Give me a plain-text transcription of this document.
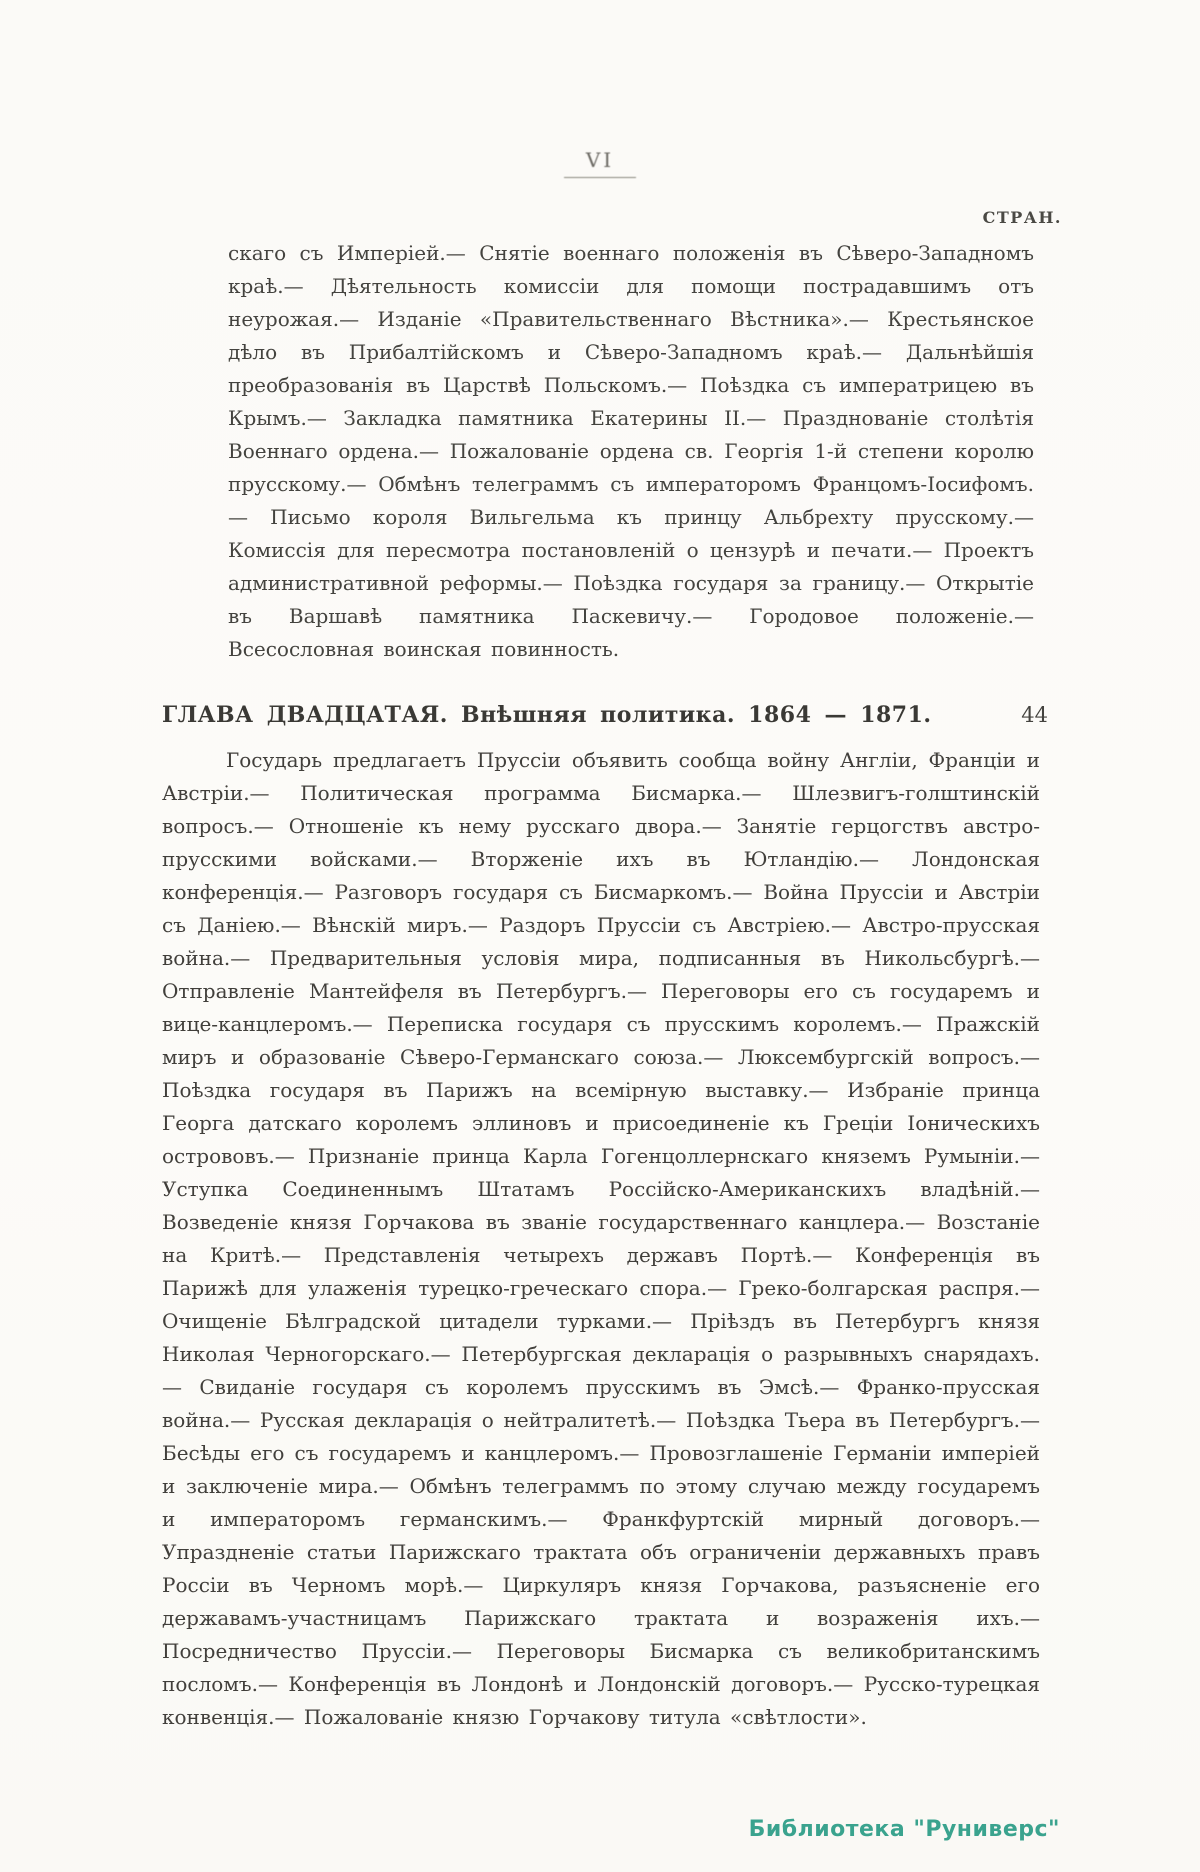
VI
СТРАН.

скаго съ Имперіей.— Снятіе военнаго положенія въ Сѣверо-Западномъ краѣ.— Дѣятельность комиссіи для помощи пострадавшимъ отъ неурожая.— Изданіе «Правительственнаго Вѣстника».— Крестьянское дѣло въ Прибалтійскомъ и Сѣверо-Западномъ краѣ.— Дальнѣйшія преобразованія въ Царствѣ Польскомъ.— Поѣздка съ императрицею въ Крымъ.— Закладка памятника Екатерины II.— Празднованіе столѣтія Военнаго ордена.— Пожалованіе ордена св. Георгія 1-й степени королю прусскому.— Обмѣнъ телеграммъ съ императоромъ Францомъ-Іосифомъ.— Письмо короля Вильгельма къ принцу Альбрехту прусскому.— Комиссія для пересмотра постановленій о цензурѣ и печати.— Проектъ административной реформы.— Поѣздка государя за границу.— Открытіе въ Варшавѣ памятника Паскевичу.— Городовое положеніе.— Всесословная воинская повинность.

ГЛАВА ДВАДЦАТАЯ. Внѣшняя политика. 1864 — 1871.	44

Государь предлагаетъ Пруссіи объявить сообща войну Англіи, Франціи и Австріи.— Политическая программа Бисмарка.— Шлезвигъ-голштинскій вопросъ.— Отношеніе къ нему русскаго двора.— Занятіе герцогствъ австро-прусскими войсками.— Вторженіе ихъ въ Ютландію.— Лондонская конференція.— Разговоръ государя съ Бисмаркомъ.— Война Пруссіи и Австріи съ Даніею.— Вѣнскій миръ.— Раздоръ Пруссіи съ Австріею.— Австро-прусская война.— Предварительныя условія мира, подписанныя въ Никольсбургѣ.— Отправленіе Мантейфеля въ Петербургъ.— Переговоры его съ государемъ и вице-канцлеромъ.— Переписка государя съ прусскимъ королемъ.— Пражскій миръ и образованіе Сѣверо-Германскаго союза.— Люксембургскій вопросъ.— Поѣздка государя въ Парижъ на всемірную выставку.— Избраніе принца Георга датскаго королемъ эллиновъ и присоединеніе къ Греціи Іоническихъ острововъ.— Признаніе принца Карла Гогенцоллернскаго княземъ Румыніи.— Уступка Соединеннымъ Штатамъ Россійско-Американскихъ владѣній.— Возведеніе князя Горчакова въ званіе государственнаго канцлера.— Возстаніе на Критѣ.— Представленія четырехъ державъ Портѣ.— Конференція въ Парижѣ для улаженія турецко-греческаго спора.— Греко-болгарская распря.— Очищеніе Бѣлградской цитадели турками.— Пріѣздъ въ Петербургъ князя Николая Черногорскаго.— Петербургская декларація о разрывныхъ снарядахъ.— Свиданіе государя съ королемъ прусскимъ въ Эмсѣ.— Франко-прусская война.— Русская декларація о нейтралитетѣ.— Поѣздка Тьера въ Петербургъ.— Бесѣды его съ государемъ и канцлеромъ.— Провозглашеніе Германіи имперіей и заключеніе мира.— Обмѣнъ телеграммъ по этому случаю между государемъ и императоромъ германскимъ.— Франкфуртскій мирный договоръ.— Упраздненіе статьи Парижскаго трактата объ ограниченіи державныхъ правъ Россіи въ Черномъ морѣ.— Циркуляръ князя Горчакова, разъясненіе его державамъ-участницамъ Парижскаго трактата и возраженія ихъ.— Посредничество Пруссіи.— Переговоры Бисмарка съ великобританскимъ посломъ.— Конференція въ Лондонѣ и Лондонскій договоръ.— Русско-турецкая конвенція.— Пожалованіе князю Горчакову титула «свѣтлости».

Библиотека "Руниверс"
